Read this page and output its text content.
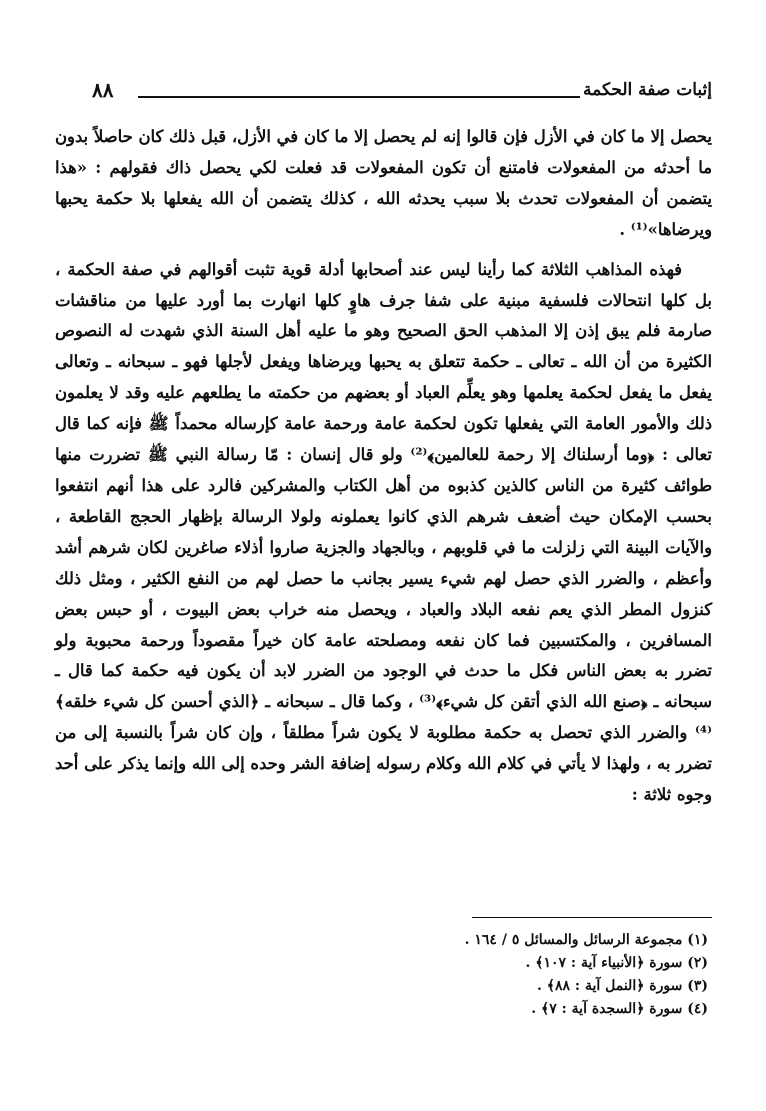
إثبات صفة الحكمة
٨٨

يحصل إلا ما كان في الأزل فإن قالوا إنه لم يحصل إلا ما كان في الأزل، قبل ذلك كان حاصلاً بدون ما أحدثه من المفعولات فامتنع أن تكون المفعولات قد فعلت لكي يحصل ذاك فقولهم : «هذا يتضمن أن المفعولات تحدث بلا سبب يحدثه الله ، كذلك يتضمن أن الله يفعلها بلا حكمة يحبها ويرضاها»⁽¹⁾ .

فهذه المذاهب الثلاثة كما رأينا ليس عند أصحابها أدلة قوية تثبت أقوالهم في صفة الحكمة ، بل كلها انتحالات فلسفية مبنية على شفا جرف هاوٍ كلها انهارت بما أورد عليها من مناقشات صارمة فلم يبق إذن إلا المذهب الحق الصحيح وهو ما عليه أهل السنة الذي شهدت له النصوص الكثيرة من أن الله ـ تعالى ـ حكمة تتعلق به يحبها ويرضاها ويفعل لأجلها فهو ـ سبحانه ـ وتعالى يفعل ما يفعل لحكمة يعلمها وهو يعلِّم العباد أو بعضهم من حكمته ما يطلعهم عليه وقد لا يعلمون ذلك والأمور العامة التي يفعلها تكون لحكمة عامة ورحمة عامة كإرساله محمداً ﷺ فإنه كما قال تعالى : ﴿وما أرسلناك إلا رحمة للعالمين﴾⁽²⁾ ولو قال إنسان : مّا رسالة النبي ﷺ تضررت منها طوائف كثيرة من الناس كالذين كذبوه من أهل الكتاب والمشركين فالرد على هذا أنهم انتفعوا بحسب الإمكان حيث أضعف شرهم الذي كانوا يعملونه ولولا الرسالة بإظهار الحجج القاطعة ، والآيات البينة التي زلزلت ما في قلوبهم ، وبالجهاد والجزية صاروا أذلاء صاغرين لكان شرهم أشد وأعظم ، والضرر الذي حصل لهم شيء يسير بجانب ما حصل لهم من النفع الكثير ، ومثل ذلك كنزول المطر الذي يعم نفعه البلاد والعباد ، ويحصل منه خراب بعض البيوت ، أو حبس بعض المسافرين ، والمكتسبين فما كان نفعه ومصلحته عامة كان خيراً مقصوداً ورحمة محبوبة ولو تضرر به بعض الناس فكل ما حدث في الوجود من الضرر لابد أن يكون فيه حكمة كما قال ـ سبحانه ـ ﴿صنع الله الذي أتقن كل شيء﴾⁽³⁾ ، وكما قال ـ سبحانه ـ ﴿الذي أحسن كل شيء خلقه﴾⁽⁴⁾ والضرر الذي تحصل به حكمة مطلوبة لا يكون شراً مطلقاً ، وإن كان شراً بالنسبة إلى من تضرر به ، ولهذا لا يأتي في كلام الله وكلام رسوله إضافة الشر وحده إلى الله وإنما يذكر على أحد وجوه ثلاثة :

(١) مجموعة الرسائل والمسائل ٥ / ١٦٤ .
(٢) سورة ﴿الأنبياء آية : ١٠٧﴾ .
(٣) سورة ﴿النمل آية : ٨٨﴾ .
(٤) سورة ﴿السجدة آية : ٧﴾ .
